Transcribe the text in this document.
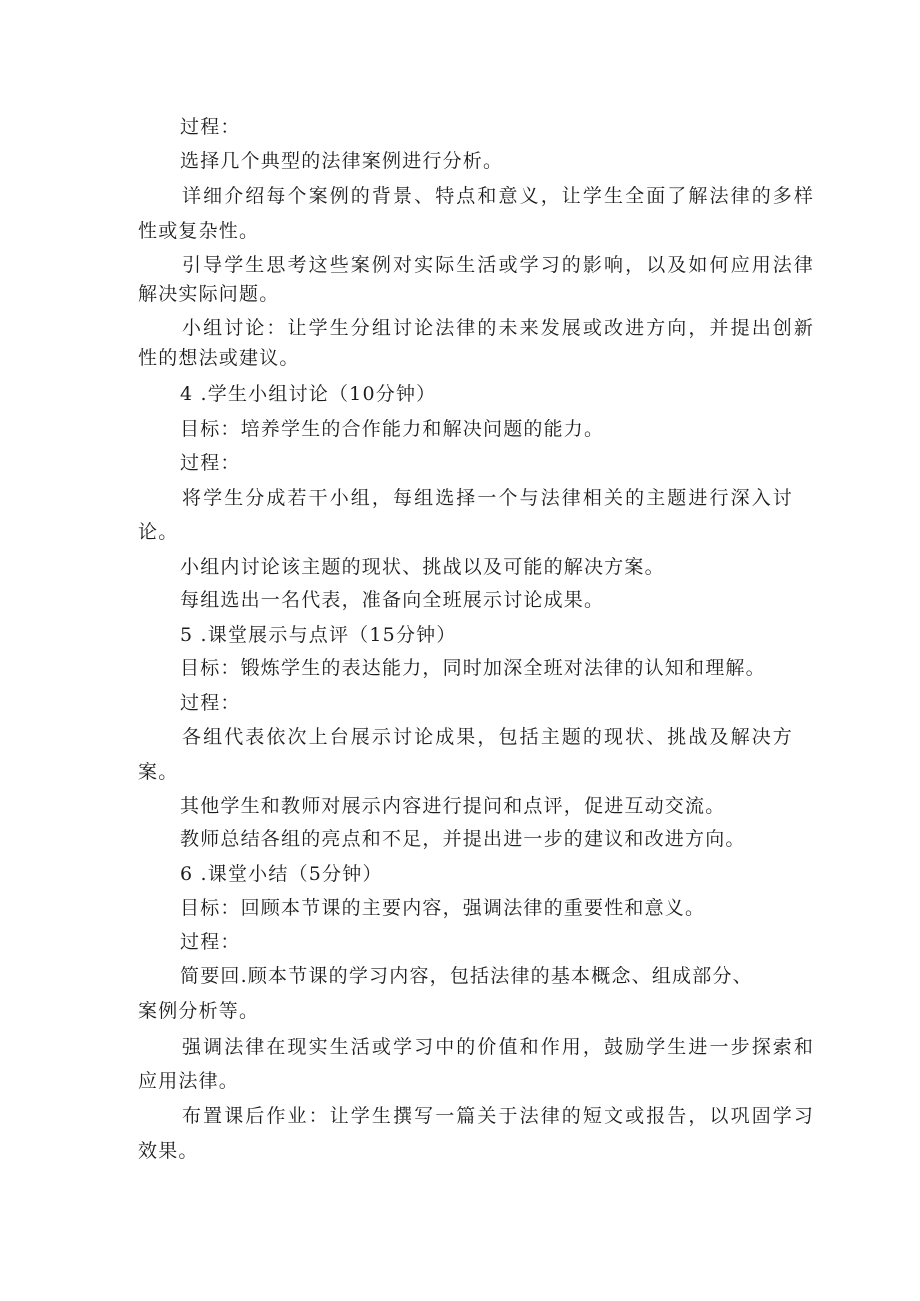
过程：
选择几个典型的法律案例进行分析。
详细介绍每个案例的背景、特点和意义，让学生全面了解法律的多样
性或复杂性。
引导学生思考这些案例对实际生活或学习的影响，以及如何应用法律
解决实际问题。
小组讨论：让学生分组讨论法律的未来发展或改进方向，并提出创新
性的想法或建议。
4 .学生小组讨论（10分钟）
目标：培养学生的合作能力和解决问题的能力。
过程：
将学生分成若干小组，每组选择一个与法律相关的主题进行深入讨
论。
小组内讨论该主题的现状、挑战以及可能的解决方案。
每组选出一名代表，准备向全班展示讨论成果。
5 .课堂展示与点评（15分钟）
目标：锻炼学生的表达能力，同时加深全班对法律的认知和理解。
过程：
各组代表依次上台展示讨论成果，包括主题的现状、挑战及解决方
案。
其他学生和教师对展示内容进行提问和点评，促进互动交流。
教师总结各组的亮点和不足，并提出进一步的建议和改进方向。
6 .课堂小结（5分钟）
目标：回顾本节课的主要内容，强调法律的重要性和意义。
过程：
简要回.顾本节课的学习内容，包括法律的基本概念、组成部分、
案例分析等。
强调法律在现实生活或学习中的价值和作用，鼓励学生进一步探索和
应用法律。
布置课后作业：让学生撰写一篇关于法律的短文或报告，以巩固学习
效果。
